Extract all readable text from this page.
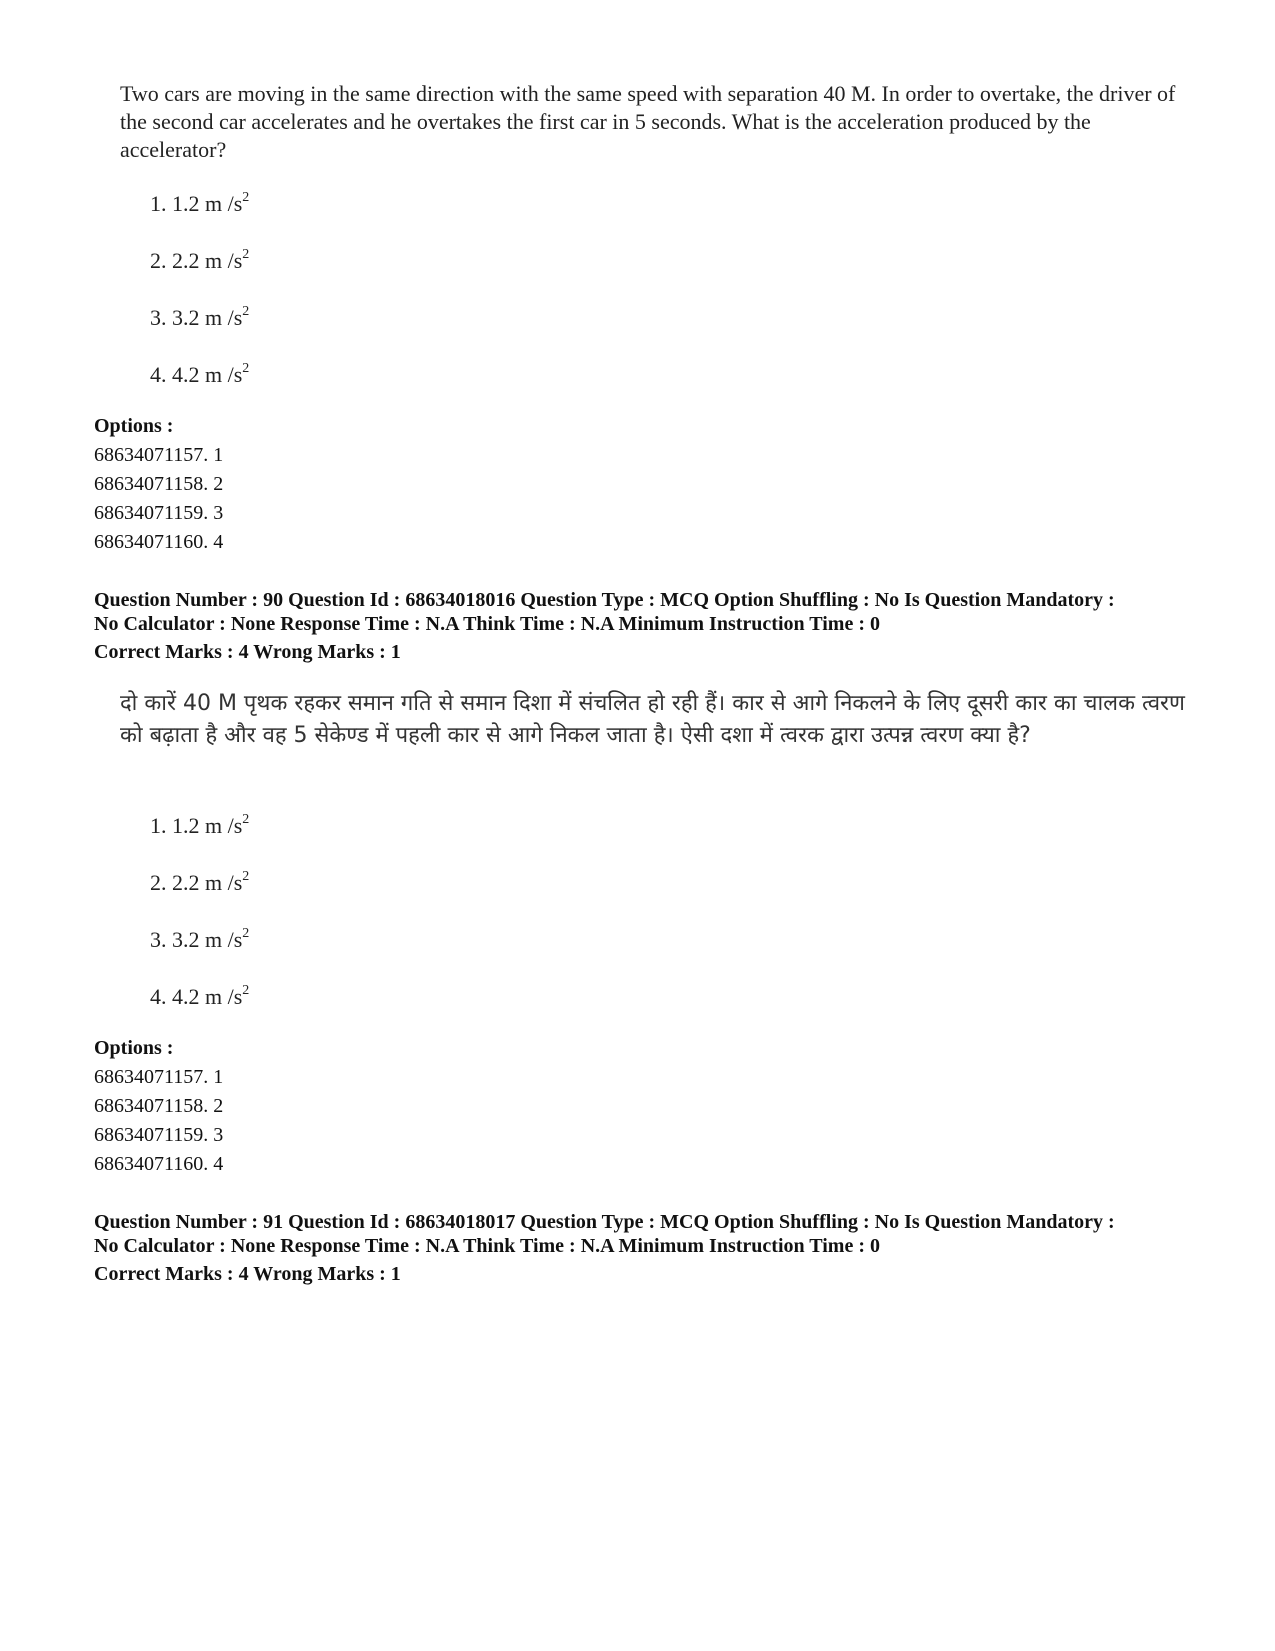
Two cars are moving in the same direction with the same speed with separation 40 M. In order to overtake, the driver of the second car accelerates and he overtakes the first car in 5 seconds. What is the acceleration produced by the accelerator?

1. 1.2 m $/s^2$
2. 2.2 m $/s^2$
3. 3.2 m $/s^2$
4. 4.2 m $/s^2$
Options :
68634071157. 1
68634071158. 2
68634071159. 3
68634071160. 4
Question Number : 90 Question Id : 68634018016 Question Type : MCQ Option Shuffling : No Is Question Mandatory :
No Calculator : None Response Time : N.A Think Time : N.A Minimum Instruction Time : 0
Correct Marks : 4 Wrong Marks : 1

दो कारें 40 M पृथक रहकर समान गति से समान दिशा में संचलित हो रही हैं। कार से आगे निकलने के लिए दूसरी कार का चालक त्वरण को बढ़ाता है और वह 5 सेकेण्ड में पहली कार से आगे निकल जाता है। ऐसी दशा में त्वरक द्वारा उत्पन्न त्वरण क्या है?

1. 1.2 m $/s^2$
2. 2.2 m $/s^2$
3. 3.2 m $/s^2$
4. 4.2 m $/s^2$
Options :
68634071157. 1
68634071158. 2
68634071159. 3
68634071160. 4
Question Number : 91 Question Id : 68634018017 Question Type : MCQ Option Shuffling : No Is Question Mandatory :
No Calculator : None Response Time : N.A Think Time : N.A Minimum Instruction Time : 0
Correct Marks : 4 Wrong Marks : 1
